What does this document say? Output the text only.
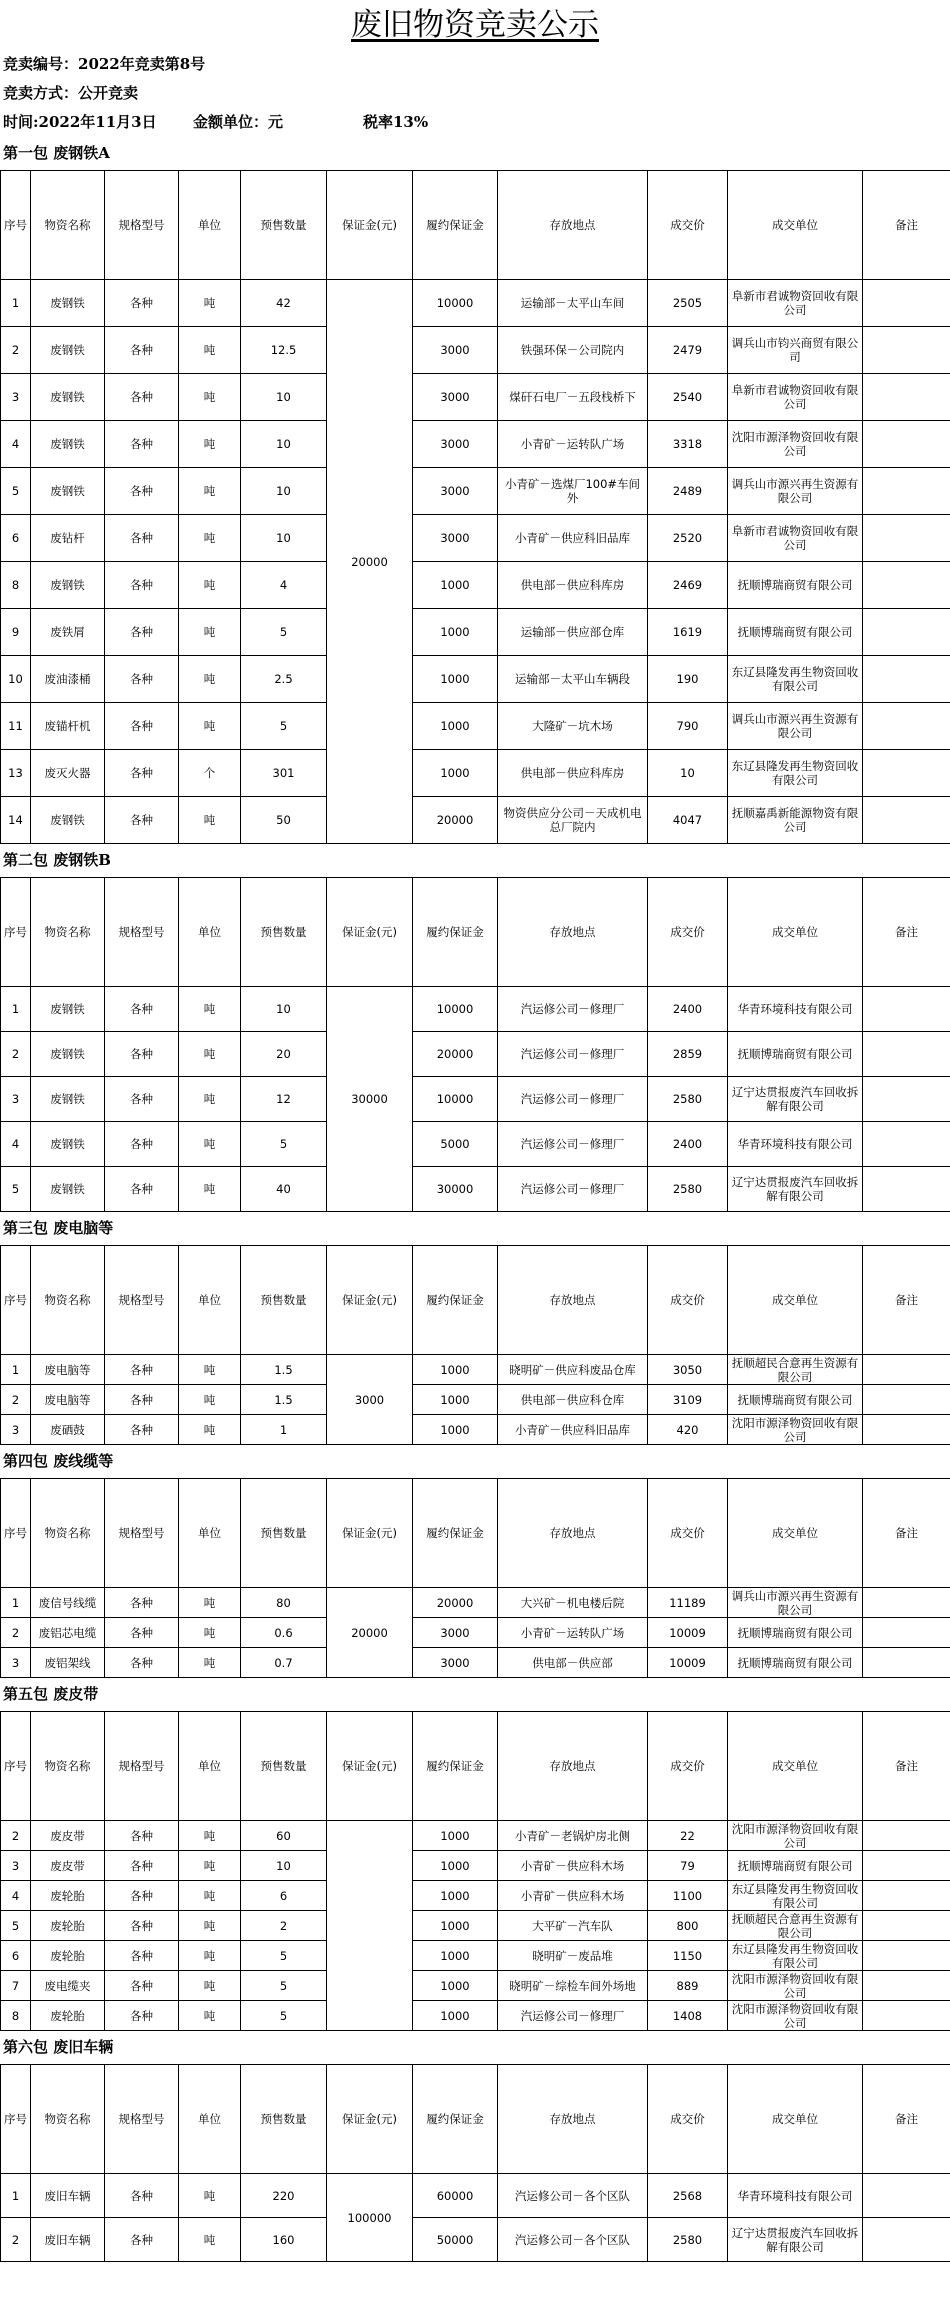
废旧物资竞卖公示
竞卖编号：2022年竞卖第8号
竞卖方式：公开竞卖
时间:2022年11月3日 金额单位：元	税率13%
第一包 废钢铁A
序号	物资名称	规格型号	单位	预售数量	保证金(元)	履约保证金	存放地点	成交价	成交单位	备注
1	废钢铁	各种	吨	42	20000	10000	运输部－太平山车间	2505	阜新市君诚物资回收有限公司	
2	废钢铁	各种	吨	12.5		3000	铁强环保－公司院内	2479	调兵山市钧兴商贸有限公司	
3	废钢铁	各种	吨	10		3000	煤矸石电厂－五段栈桥下	2540	阜新市君诚物资回收有限公司	
4	废钢铁	各种	吨	10		3000	小青矿－运转队广场	3318	沈阳市源泽物资回收有限公司	
5	废钢铁	各种	吨	10		3000	小青矿－选煤厂100#车间外	2489	调兵山市源兴再生资源有限公司	
6	废钻杆	各种	吨	10		3000	小青矿－供应科旧品库	2520	阜新市君诚物资回收有限公司	
8	废钢铁	各种	吨	4		1000	供电部－供应科库房	2469	抚顺博瑞商贸有限公司	
9	废铁屑	各种	吨	5		1000	运输部－供应部仓库	1619	抚顺博瑞商贸有限公司	
10	废油漆桶	各种	吨	2.5		1000	运输部－太平山车辆段	190	东辽县隆发再生物资回收有限公司	
11	废锚杆机	各种	吨	5		1000	大隆矿－坑木场	790	调兵山市源兴再生资源有限公司	
13	废灭火器	各种	个	301		1000	供电部－供应科库房	10	东辽县隆发再生物资回收有限公司	
14	废钢铁	各种	吨	50		20000	物资供应分公司－天成机电总厂院内	4047	抚顺嘉禹新能源物资有限公司	
第二包 废钢铁B
序号	物资名称	规格型号	单位	预售数量	保证金(元)	履约保证金	存放地点	成交价	成交单位	备注
1	废钢铁	各种	吨	10	30000	10000	汽运修公司－修理厂	2400	华青环境科技有限公司	
2	废钢铁	各种	吨	20		20000	汽运修公司－修理厂	2859	抚顺博瑞商贸有限公司	
3	废钢铁	各种	吨	12		10000	汽运修公司－修理厂	2580	辽宁达贯报废汽车回收拆解有限公司	
4	废钢铁	各种	吨	5		5000	汽运修公司－修理厂	2400	华青环境科技有限公司	
5	废钢铁	各种	吨	40		30000	汽运修公司－修理厂	2580	辽宁达贯报废汽车回收拆解有限公司	
第三包 废电脑等
序号	物资名称	规格型号	单位	预售数量	保证金(元)	履约保证金	存放地点	成交价	成交单位	备注
1	废电脑等	各种	吨	1.5	3000	1000	晓明矿－供应科废品仓库	3050	抚顺超民合意再生资源有限公司	
2	废电脑等	各种	吨	1.5		1000	供电部－供应科仓库	3109	抚顺博瑞商贸有限公司	
3	废硒鼓	各种	吨	1		1000	小青矿－供应科旧品库	420	沈阳市源泽物资回收有限公司	
第四包 废线缆等
序号	物资名称	规格型号	单位	预售数量	保证金(元)	履约保证金	存放地点	成交价	成交单位	备注
1	废信号线缆	各种	吨	80	20000	20000	大兴矿－机电楼后院	11189	调兵山市源兴再生资源有限公司	
2	废铝芯电缆	各种	吨	0.6		3000	小青矿－运转队广场	10009	抚顺博瑞商贸有限公司	
3	废铝架线	各种	吨	0.7		3000	供电部－供应部	10009	抚顺博瑞商贸有限公司	
第五包 废皮带
序号	物资名称	规格型号	单位	预售数量	保证金(元)	履约保证金	存放地点	成交价	成交单位	备注
2	废皮带	各种	吨	60		1000	小青矿－老锅炉房北侧	22	沈阳市源泽物资回收有限公司	
3	废皮带	各种	吨	10		1000	小青矿－供应科木场	79	抚顺博瑞商贸有限公司	
4	废轮胎	各种	吨	6		1000	小青矿－供应科木场	1100	东辽县隆发再生物资回收有限公司	
5	废轮胎	各种	吨	2		1000	大平矿－汽车队	800	抚顺超民合意再生资源有限公司	
6	废轮胎	各种	吨	5		1000	晓明矿－废品堆	1150	东辽县隆发再生物资回收有限公司	
7	废电缆夹	各种	吨	5		1000	晓明矿－综检车间外场地	889	沈阳市源泽物资回收有限公司	
8	废轮胎	各种	吨	5		1000	汽运修公司－修理厂	1408	沈阳市源泽物资回收有限公司	
第六包 废旧车辆
序号	物资名称	规格型号	单位	预售数量	保证金(元)	履约保证金	存放地点	成交价	成交单位	备注
1	废旧车辆	各种	吨	220	100000	60000	汽运修公司－各个区队	2568	华青环境科技有限公司	
2	废旧车辆	各种	吨	160		50000	汽运修公司－各个区队	2580	辽宁达贯报废汽车回收拆解有限公司	
